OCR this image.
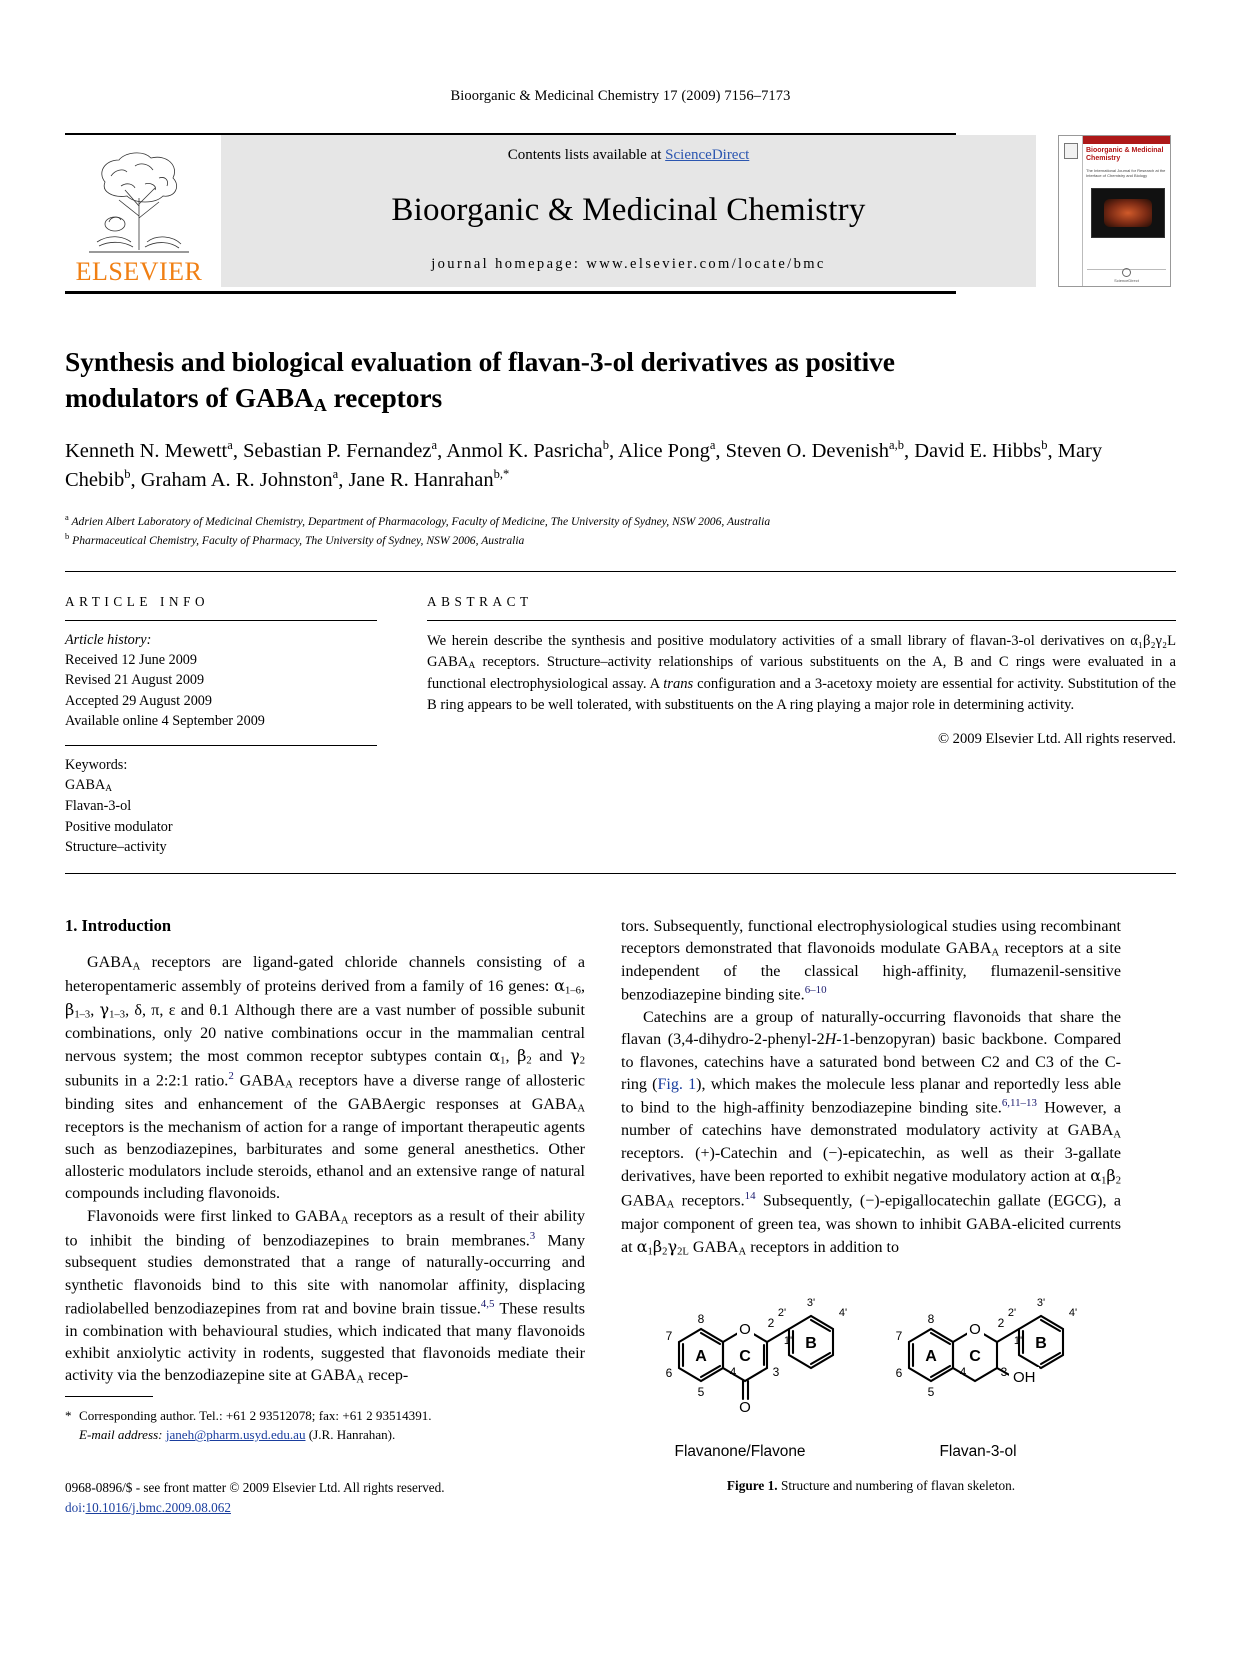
Bioorganic & Medicinal Chemistry 17 (2009) 7156–7173
ELSEVIER
Contents lists available at ScienceDirect
Bioorganic & Medicinal Chemistry
journal homepage: www.elsevier.com/locate/bmc
Bioorganic & Medicinal Chemistry
The International Journal for Research at the Interface of Chemistry and Biology
ScienceDirect
Synthesis and biological evaluation of flavan-3-ol derivatives as positive
modulators of $GABA_A$ receptors
Kenneth N. Mewett$^a$, Sebastian P. Fernandez$^a$, Anmol K. Pasricha$^b$, Alice Pong$^a$, Steven O. Devenish$^{a,b}$, David E. Hibbs$^b$, Mary Chebib$^b$, Graham A. R. Johnston$^a$, Jane R. Hanrahan$^{b,*}$
$^a$ Adrien Albert Laboratory of Medicinal Chemistry, Department of Pharmacology, Faculty of Medicine, The University of Sydney, NSW 2006, Australia
$^b$ Pharmaceutical Chemistry, Faculty of Pharmacy, The University of Sydney, NSW 2006, Australia
ARTICLE INFO
Article history:
Received 12 June 2009
Revised 21 August 2009
Accepted 29 August 2009
Available online 4 September 2009
Keywords:
$GABA_A$
Flavan-3-ol
Positive modulator
Structure–activity
ABSTRACT
We herein describe the synthesis and positive modulatory activities of a small library of flavan-3-ol derivatives on α₁β₂γ₂L $GABA_A$ receptors. Structure–activity relationships of various substituents on the A, B and C rings were evaluated in a functional electrophysiological assay. A trans configuration and a 3-acetoxy moiety are essential for activity. Substitution of the B ring appears to be well tolerated, with substituents on the A ring playing a major role in determining activity.
© 2009 Elsevier Ltd. All rights reserved.
1. Introduction

$GABA_A$ receptors are ligand-gated chloride channels consisting of a heteropentameric assembly of proteins derived from a family of 16 genes: $\alpha_{1-6}$, $\beta_{1-3}$, $\gamma_{1-3}$, δ, π, ε and θ.1 Although there are a vast number of possible subunit combinations, only 20 native combinations occur in the mammalian central nervous system; the most common receptor subtypes contain $\alpha_1$, $\beta_2$ and $\gamma_2$ subunits in a 2:2:1 ratio.$^2$ $GABA_A$ receptors have a diverse range of allosteric binding sites and enhancement of the GABAergic responses at $GABA_A$ receptors is the mechanism of action for a range of important therapeutic agents such as benzodiazepines, barbiturates and some general anesthetics. Other allosteric modulators include steroids, ethanol and an extensive range of natural compounds including flavonoids.

Flavonoids were first linked to $GABA_A$ receptors as a result of their ability to inhibit the binding of benzodiazepines to brain membranes.$^3$ Many subsequent studies demonstrated that a range of naturally-occurring and synthetic flavonoids bind to this site with nanomolar affinity, displacing radiolabelled benzodiazepines from rat and bovine brain tissue.$^{4,5}$ These results in combination with behavioural studies, which indicated that many flavonoids exhibit anxiolytic activity in rodents, suggested that flavonoids mediate their activity via the benzodiazepine site at $GABA_A$ recep-

tors. Subsequently, functional electrophysiological studies using recombinant receptors demonstrated that flavonoids modulate $GABA_A$ receptors at a site independent of the classical high-affinity, flumazenil-sensitive benzodiazepine binding site.$^{6-10}$

Catechins are a group of naturally-occurring flavonoids that share the flavan (3,4-dihydro-2-phenyl-2H-1-benzopyran) basic backbone. Compared to flavones, catechins have a saturated bond between C2 and C3 of the C-ring (Fig. 1), which makes the molecule less planar and reportedly less able to bind to the high-affinity benzodiazepine binding site.$^{6,11-13}$ However, a number of catechins have demonstrated modulatory activity at $GABA_A$ receptors. (+)-Catechin and (−)-epicatechin, as well as their 3-gallate derivatives, have been reported to exhibit negative modulatory action at $\alpha_1\beta_2$ $GABA_A$ receptors.$^{14}$ Subsequently, (−)-epigallocatechin gallate (EGCG), a major component of green tea, was shown to inhibit GABA-elicited currents at $\alpha_1\beta_2\gamma_{2L}$ $GABA_A$ receptors in addition to

O
O
A C
B
5
6
7
8	2
3
4
1'
2'
3'
4'
O
OH
A C
B
5
6
7
8	2
3
4
1'
2'
3'
4'
Flavanone/Flavone	Flavan-3-ol
Figure 1. Structure and numbering of flavan skeleton.
* Corresponding author. Tel.: +61 2 93512078; fax: +61 2 93514391.
E-mail address: janeh@pharm.usyd.edu.au (J.R. Hanrahan).
0968-0896/$ - see front matter © 2009 Elsevier Ltd. All rights reserved.
doi:10.1016/j.bmc.2009.08.062
